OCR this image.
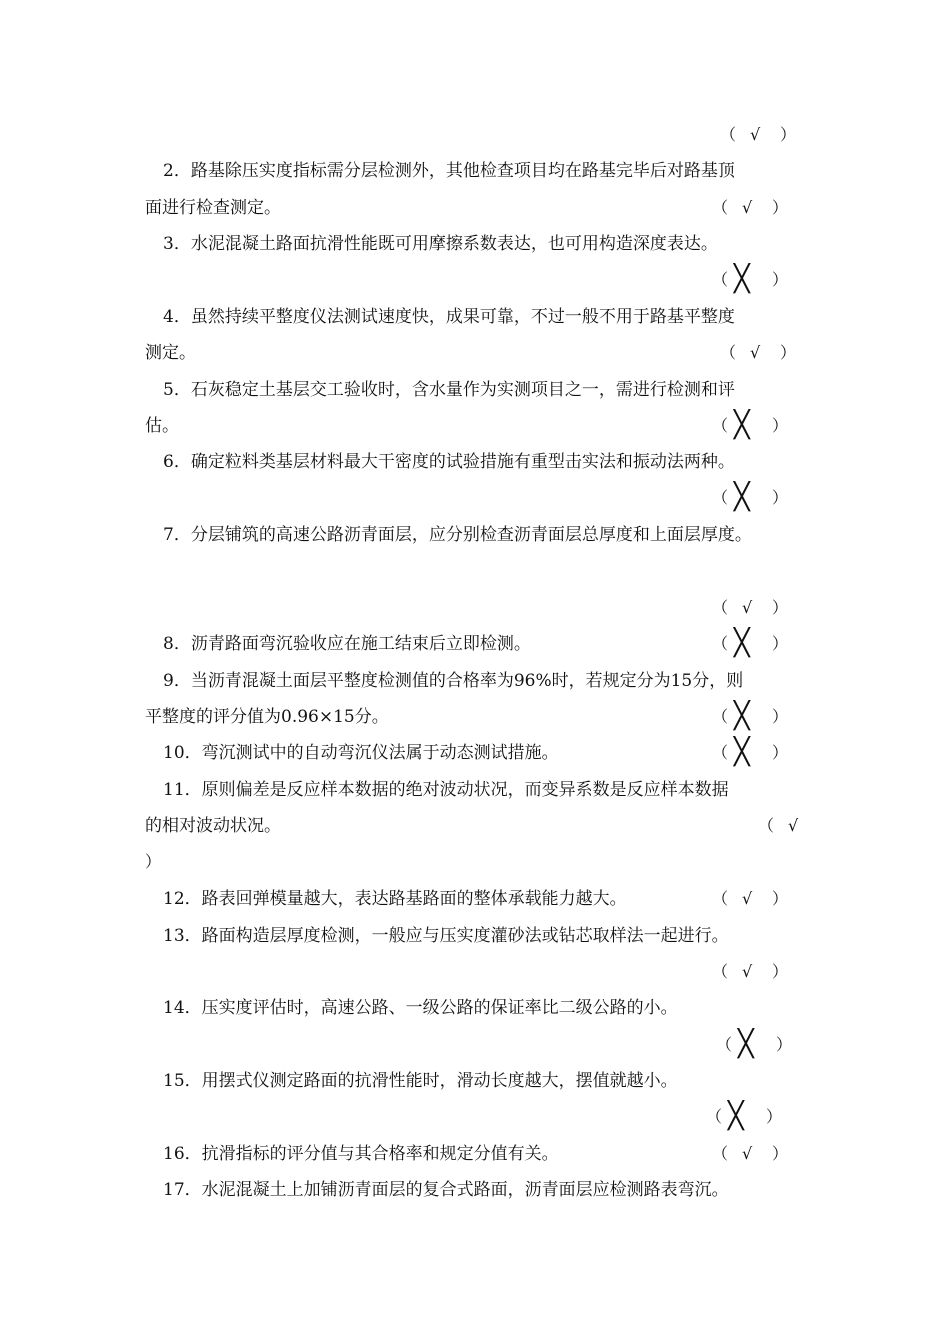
（ √ ）
2．路基除压实度指标需分层检测外，其他检查项目均在路基完毕后对路基顶
面进行检查测定。	（ √ ）
3．水泥混凝土路面抗滑性能既可用摩擦系数表达，也可用构造深度表达。
（ ╳ ）
4．虽然持续平整度仪法测试速度快，成果可靠，不过一般不用于路基平整度
测定。	（ √ ）
5．石灰稳定土基层交工验收时，含水量作为实测项目之一，需进行检测和评
估。	（ ╳ ）
6．确定粒料类基层材料最大干密度的试验措施有重型击实法和振动法两种。
（ ╳ ）
7．分层铺筑的高速公路沥青面层，应分别检查沥青面层总厚度和上面层厚度。
（ √ ）
8．沥青路面弯沉验收应在施工结束后立即检测。	（ ╳ ）
9．当沥青混凝土面层平整度检测值的合格率为96%时，若规定分为15分，则
平整度的评分值为0.96×15分。	（ ╳ ）
10．弯沉测试中的自动弯沉仪法属于动态测试措施。	（ ╳ ）
11．原则偏差是反应样本数据的绝对波动状况，而变异系数是反应样本数据
的相对波动状况。	（ √
）
12．路表回弹模量越大，表达路基路面的整体承载能力越大。	（ √ ）
13．路面构造层厚度检测，一般应与压实度灌砂法或钻芯取样法一起进行。
（ √ ）
14．压实度评估时，高速公路、一级公路的保证率比二级公路的小。
（ ╳ ）
15．用摆式仪测定路面的抗滑性能时，滑动长度越大，摆值就越小。
（ ╳ ）
16．抗滑指标的评分值与其合格率和规定分值有关。	（ √ ）
17．水泥混凝土上加铺沥青面层的复合式路面，沥青面层应检测路表弯沉。
